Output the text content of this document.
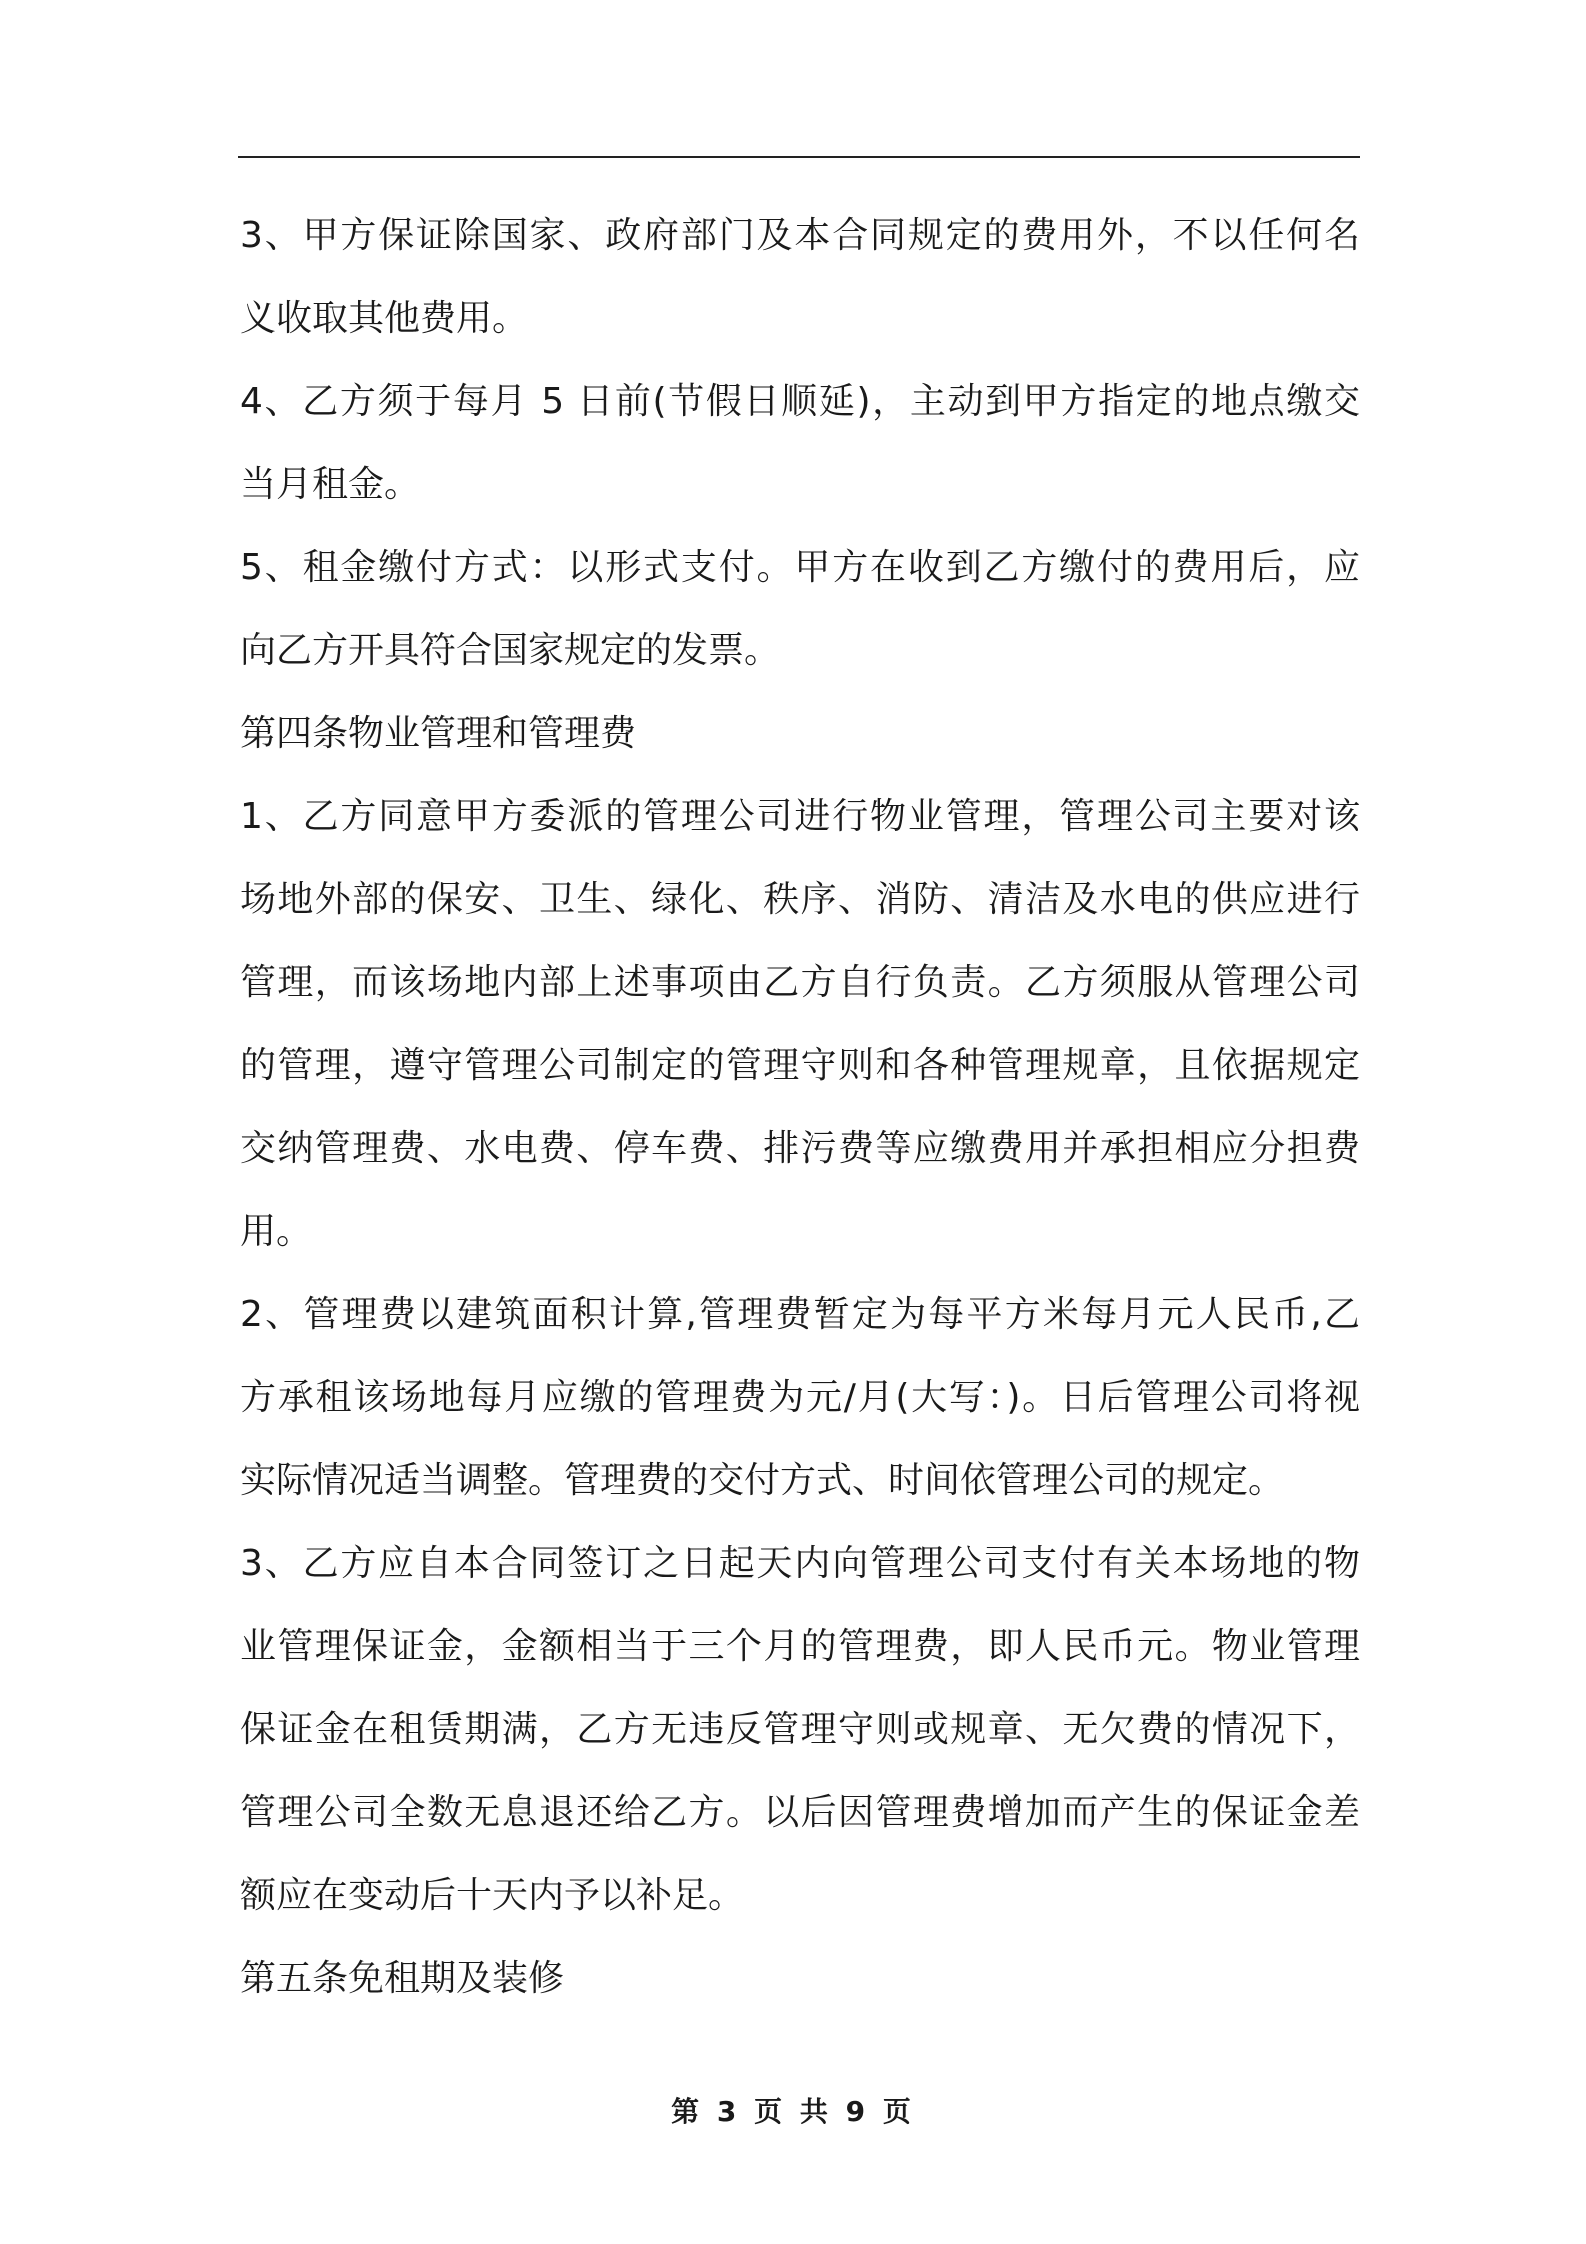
3、甲方保证除国家、政府部门及本合同规定的费用外，不以任何名
义收取其他费用。
4、乙方须于每月 5 日前(节假日顺延)，主动到甲方指定的地点缴交
当月租金。
5、租金缴付方式：以形式支付。甲方在收到乙方缴付的费用后，应
向乙方开具符合国家规定的发票。
第四条物业管理和管理费
1、乙方同意甲方委派的管理公司进行物业管理，管理公司主要对该
场地外部的保安、卫生、绿化、秩序、消防、清洁及水电的供应进行
管理，而该场地内部上述事项由乙方自行负责。乙方须服从管理公司
的管理，遵守管理公司制定的管理守则和各种管理规章，且依据规定
交纳管理费、水电费、停车费、排污费等应缴费用并承担相应分担费
用。
2、管理费以建筑面积计算,管理费暂定为每平方米每月元人民币,乙
方承租该场地每月应缴的管理费为元/月(大写：)。日后管理公司将视
实际情况适当调整。管理费的交付方式、时间依管理公司的规定。
3、乙方应自本合同签订之日起天内向管理公司支付有关本场地的物
业管理保证金，金额相当于三个月的管理费，即人民币元。物业管理
保证金在租赁期满，乙方无违反管理守则或规章、无欠费的情况下，
管理公司全数无息退还给乙方。以后因管理费增加而产生的保证金差
额应在变动后十天内予以补足。
第五条免租期及装修
第 3 页 共 9 页
